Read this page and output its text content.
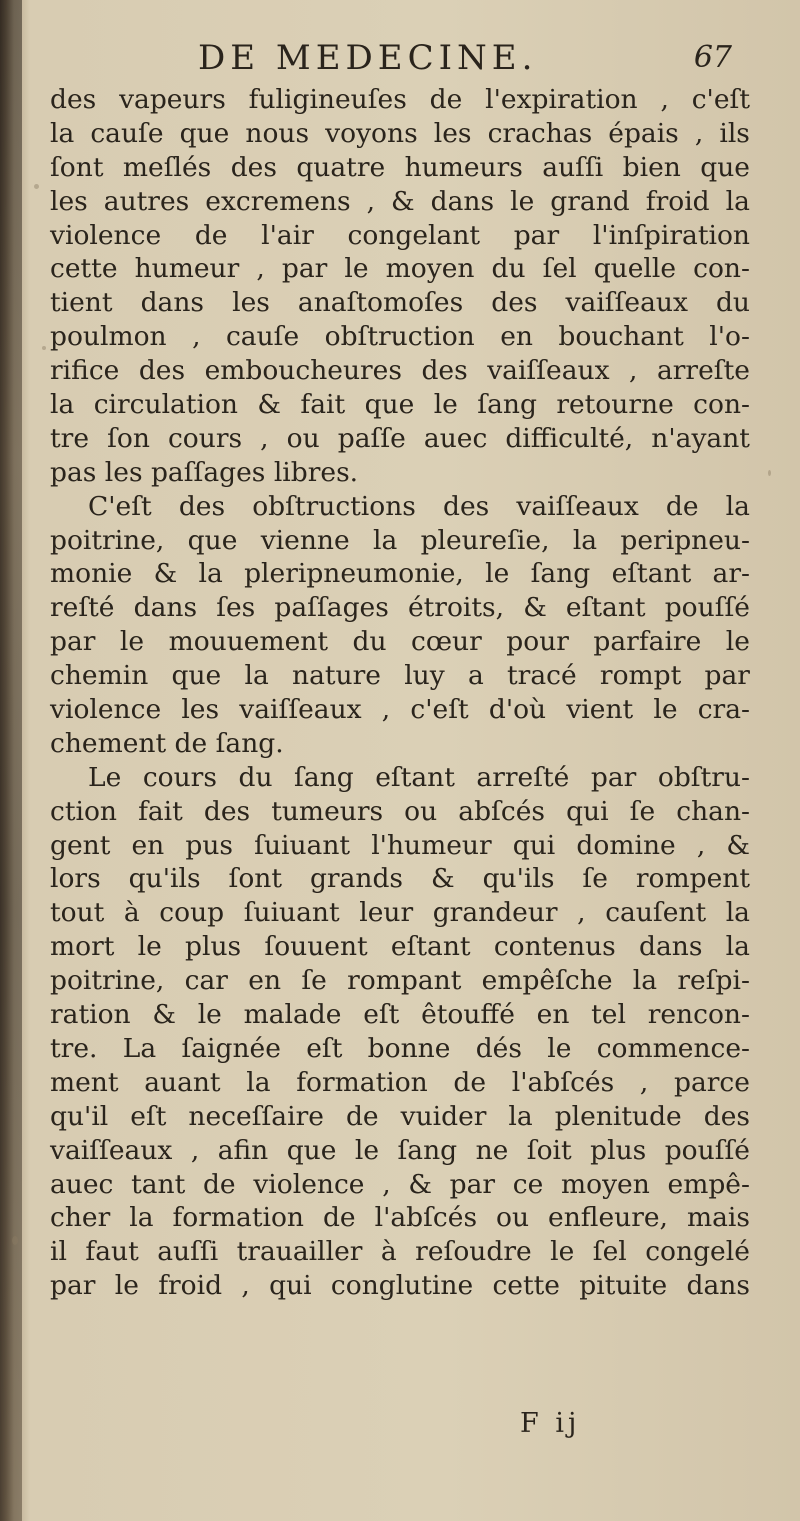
DE MEDECINE.	67
des vapeurs fuligineuſes de l'expiration , c'eſt
la cauſe que nous voyons les crachas épais , ils
ſont meſlés des quatre humeurs auſſi bien que
les autres excremens , & dans le grand froid la
violence de l'air congelant par l'inſpiration
cette humeur , par le moyen du ſel quelle con-
tient dans les anaſtomoſes des vaiſſeaux du
poulmon , cauſe obſtruction en bouchant l'o-
rifice des emboucheures des vaiſſeaux , arreſte
la circulation & fait que le ſang retourne con-
tre ſon cours , ou paſſe auec difficulté, n'ayant
pas les paſſages libres.
C'eſt des obſtructions des vaiſſeaux de la
poitrine, que vienne la pleureſie, la peripneu-
monie & la pleripneumonie, le ſang eſtant ar-
reſté dans ſes paſſages étroits, & eſtant pouſſé
par le mouuement du cœur pour parfaire le
chemin que la nature luy a tracé rompt par
violence les vaiſſeaux , c'eſt d'où vient le cra-
chement de ſang.
Le cours du ſang eſtant arreſté par obſtru-
ction fait des tumeurs ou abſcés qui ſe chan-
gent en pus ſuiuant l'humeur qui domine , &
lors qu'ils ſont grands & qu'ils ſe rompent
tout à coup ſuiuant leur grandeur , cauſent la
mort le plus ſouuent eſtant contenus dans la
poitrine, car en ſe rompant empêſche la reſpi-
ration & le malade eſt êtouffé en tel rencon-
tre. La ſaignée eſt bonne dés le commence-
ment auant la formation de l'abſcés , parce
qu'il eſt neceſſaire de vuider la plenitude des
vaiſſeaux , afin que le ſang ne ſoit plus pouſſé
auec tant de violence , & par ce moyen empê-
cher la formation de l'abſcés ou enfleure, mais
il faut auſſi trauailler à reſoudre le ſel congelé
par le froid , qui conglutine cette pituite dans
F ij
